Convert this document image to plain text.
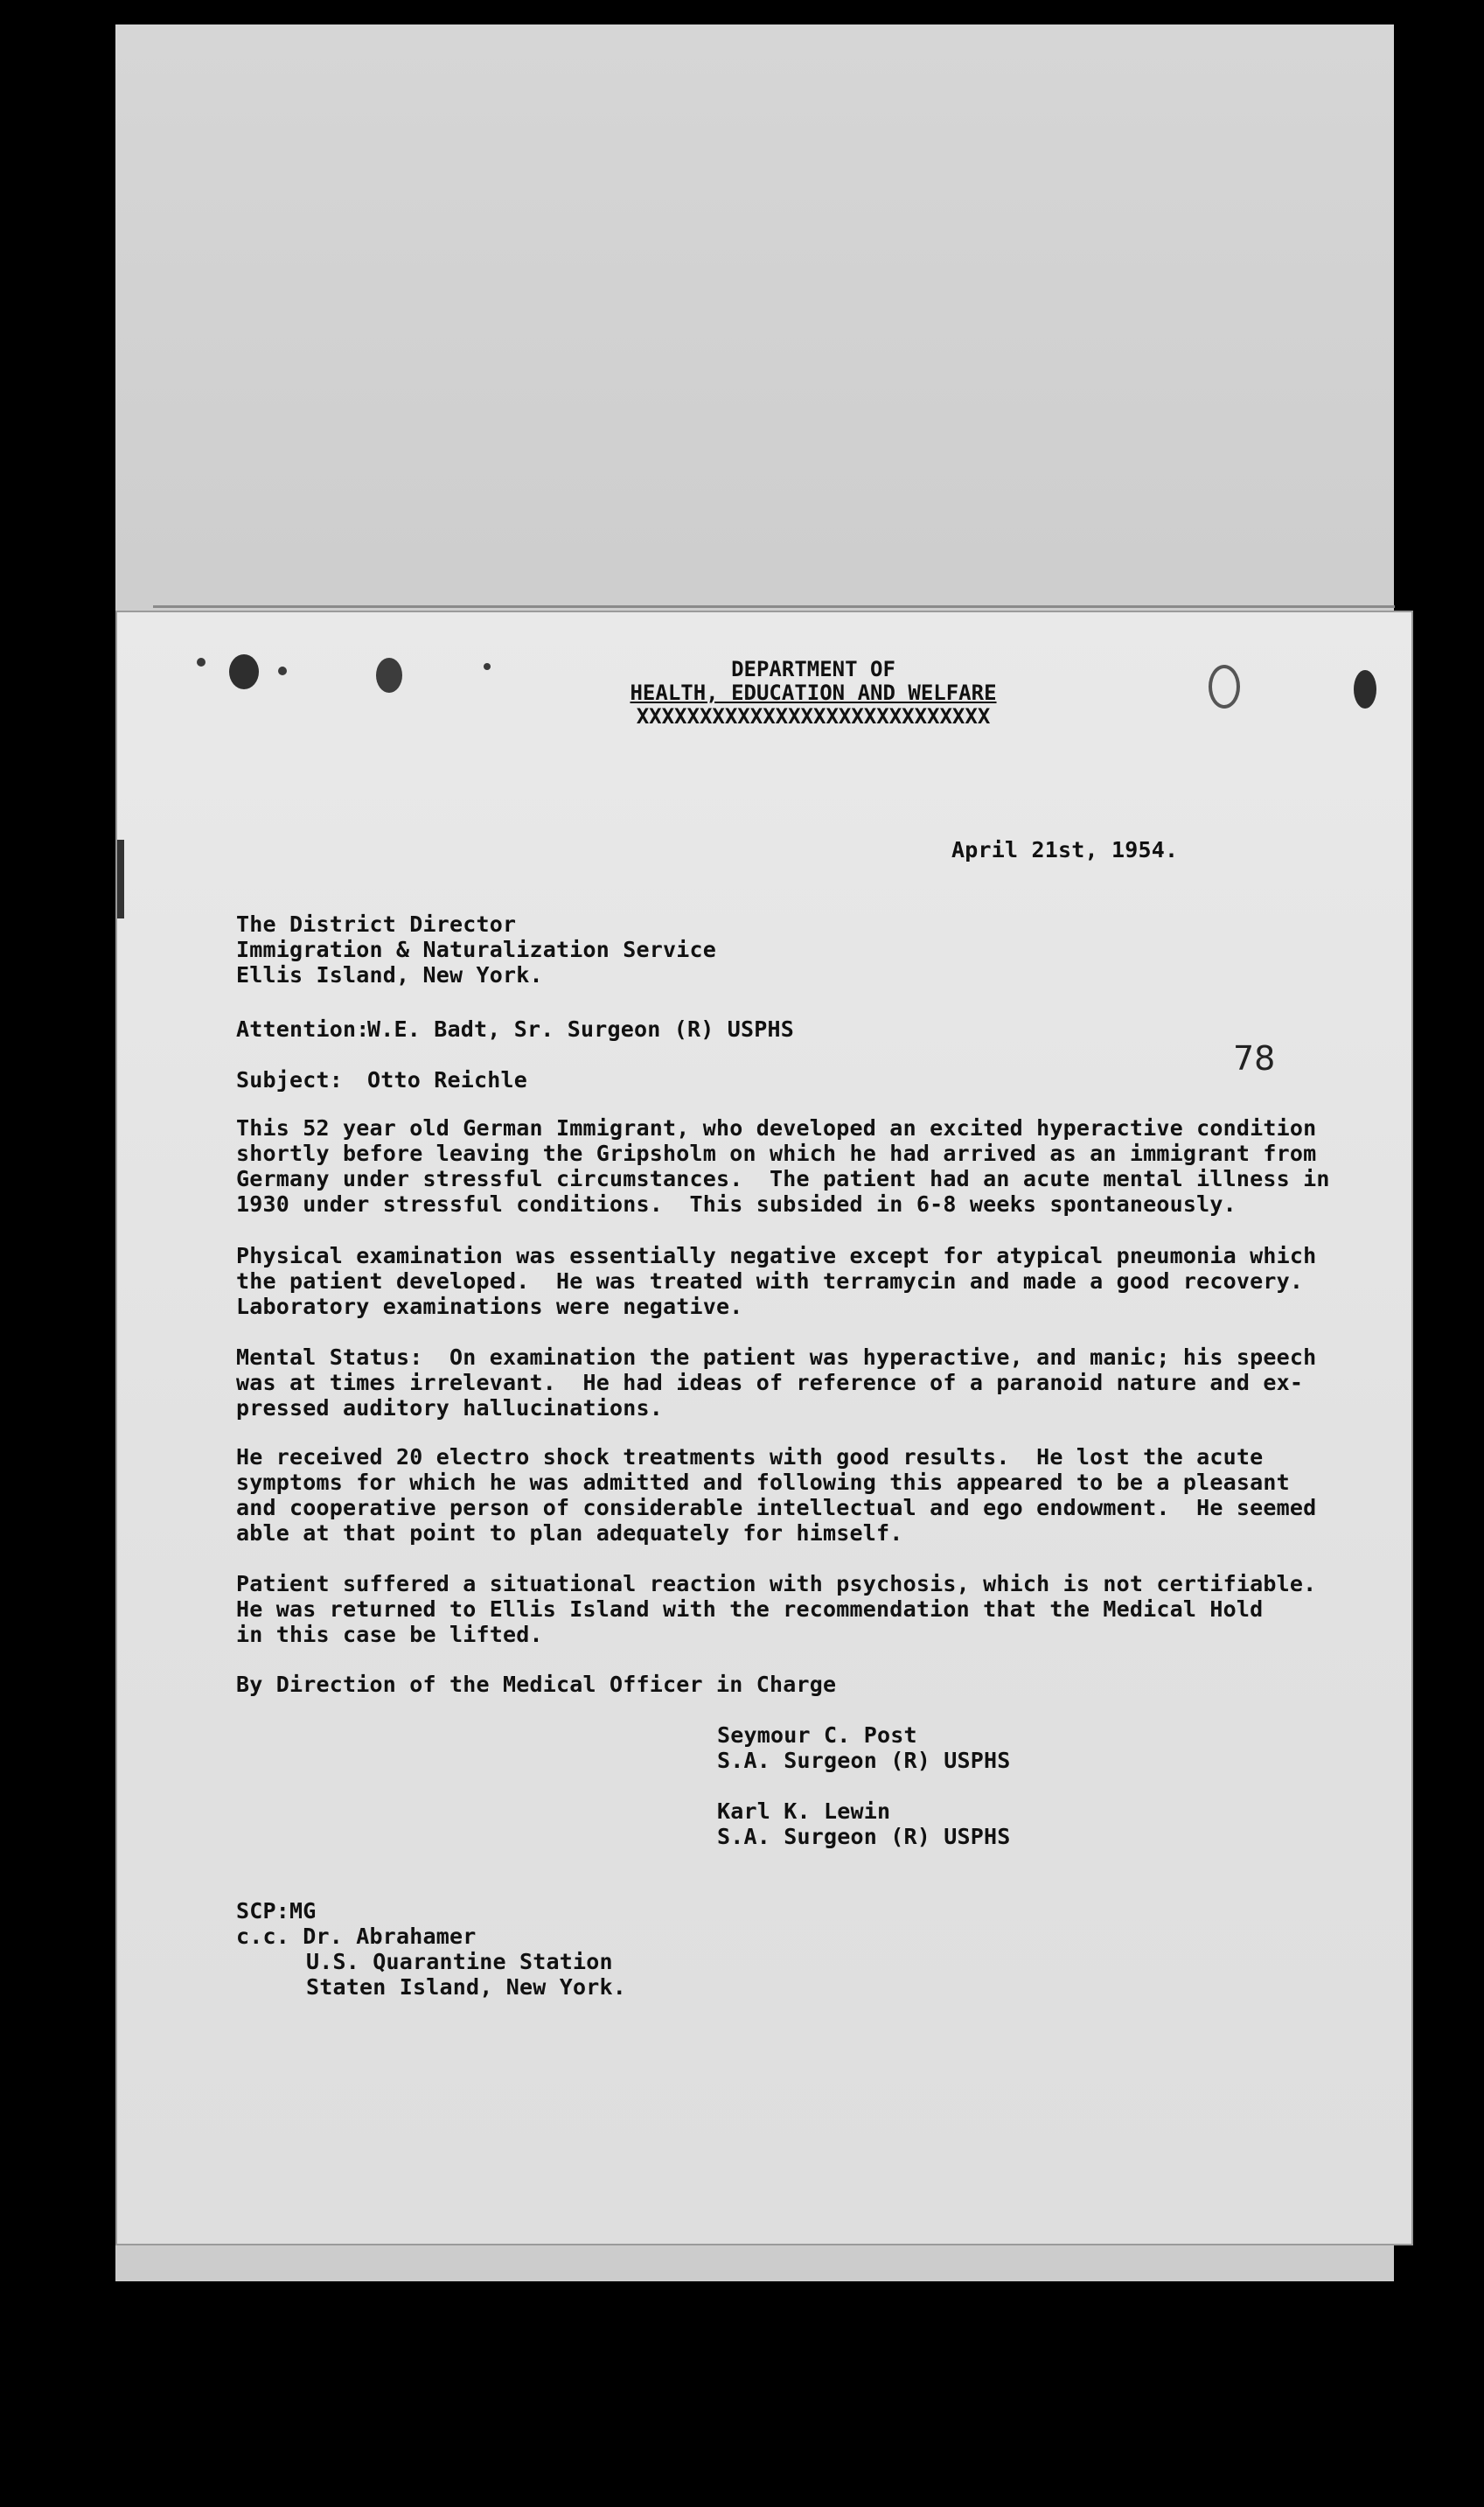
DEPARTMENT OF
HEALTH, EDUCATION AND WELFARE
XXXXXXXXXXXXXXXXXXXXXXXXXXXX
April 21st, 1954.
The District Director
Immigration & Naturalization Service
Ellis Island, New York.
Attention:
W.E. Badt, Sr. Surgeon (R) USPHS
Subject: Otto Reichle
78
This 52 year old German Immigrant, who developed an excited hyperactive condition
shortly before leaving the Gripsholm on which he had arrived as an immigrant from
Germany under stressful circumstances.  The patient had an acute mental illness in
1930 under stressful conditions.  This subsided in 6-8 weeks spontaneously.
Physical examination was essentially negative except for atypical pneumonia which
the patient developed.  He was treated with terramycin and made a good recovery.
Laboratory examinations were negative.
Mental Status:  On examination the patient was hyperactive, and manic; his speech
was at times irrelevant.  He had ideas of reference of a paranoid nature and ex-
pressed auditory hallucinations.
He received 20 electro shock treatments with good results.  He lost the acute
symptoms for which he was admitted and following this appeared to be a pleasant
and cooperative person of considerable intellectual and ego endowment.  He seemed
able at that point to plan adequately for himself.
Patient suffered a situational reaction with psychosis, which is not certifiable.
He was returned to Ellis Island with the recommendation that the Medical Hold
in this case be lifted.
By Direction of the Medical Officer in Charge
Seymour C. Post
S.A. Surgeon (R) USPHS
Karl K. Lewin
S.A. Surgeon (R) USPHS
SCP:MG
c.c. Dr. Abrahamer
U.S. Quarantine Station
Staten Island, New York.
